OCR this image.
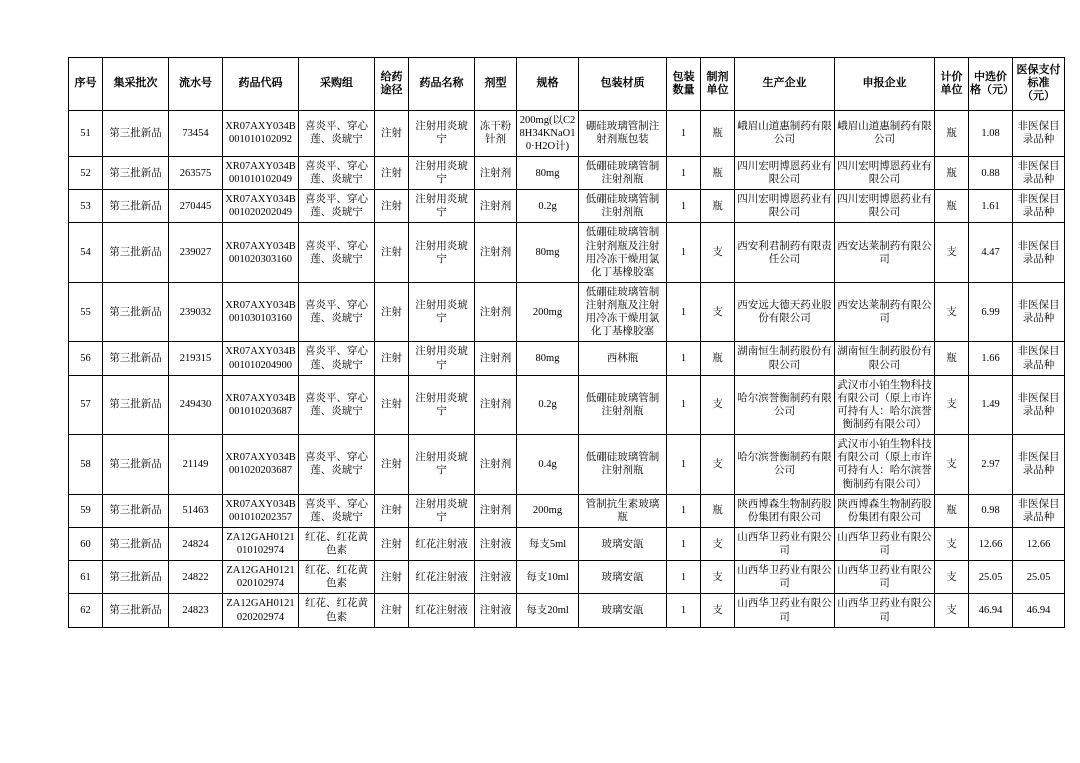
序号	集采批次	流水号	药品代码	采购组	给药途径	药品名称	剂型	规格	包装材质	包装数量	制剂单位	生产企业	申报企业	计价单位	中选价格（元）	医保支付标准（元）
51	第三批新品	73454	XR07AXY034B001010102092	喜炎平、穿心莲、炎琥宁	注射	注射用炎琥宁	冻干粉针剂	200mg(以C28H34KNaO10·H2O计)	硼硅玻璃管制注射剂瓶包装	1	瓶	峨眉山道惠制药有限公司	峨眉山道惠制药有限公司	瓶	1.08	非医保目录品种
52	第三批新品	263575	XR07AXY034B001010102049	喜炎平、穿心莲、炎琥宁	注射	注射用炎琥宁	注射剂	80mg	低硼硅玻璃管制注射剂瓶	1	瓶	四川宏明博恩药业有限公司	四川宏明博恩药业有限公司	瓶	0.88	非医保目录品种
53	第三批新品	270445	XR07AXY034B001020202049	喜炎平、穿心莲、炎琥宁	注射	注射用炎琥宁	注射剂	0.2g	低硼硅玻璃管制注射剂瓶	1	瓶	四川宏明博恩药业有限公司	四川宏明博恩药业有限公司	瓶	1.61	非医保目录品种
54	第三批新品	239027	XR07AXY034B001020303160	喜炎平、穿心莲、炎琥宁	注射	注射用炎琥宁	注射剂	80mg	低硼硅玻璃管制注射剂瓶及注射用冷冻干燥用氯化丁基橡胶塞	1	支	西安利君制药有限责任公司	西安达莱制药有限公司	支	4.47	非医保目录品种
55	第三批新品	239032	XR07AXY034B001030103160	喜炎平、穿心莲、炎琥宁	注射	注射用炎琥宁	注射剂	200mg	低硼硅玻璃管制注射剂瓶及注射用冷冻干燥用氯化丁基橡胶塞	1	支	西安远大德天药业股份有限公司	西安达莱制药有限公司	支	6.99	非医保目录品种
56	第三批新品	219315	XR07AXY034B001010204900	喜炎平、穿心莲、炎琥宁	注射	注射用炎琥宁	注射剂	80mg	西林瓶	1	瓶	湖南恒生制药股份有限公司	湖南恒生制药股份有限公司	瓶	1.66	非医保目录品种
57	第三批新品	249430	XR07AXY034B001010203687	喜炎平、穿心莲、炎琥宁	注射	注射用炎琥宁	注射剂	0.2g	低硼硅玻璃管制注射剂瓶	1	支	哈尔滨誉衡制药有限公司	武汉市小铂生物科技有限公司（原上市许可持有人：哈尔滨誉衡制药有限公司）	支	1.49	非医保目录品种
58	第三批新品	21149	XR07AXY034B001020203687	喜炎平、穿心莲、炎琥宁	注射	注射用炎琥宁	注射剂	0.4g	低硼硅玻璃管制注射剂瓶	1	支	哈尔滨誉衡制药有限公司	武汉市小铂生物科技有限公司（原上市许可持有人：哈尔滨誉衡制药有限公司）	支	2.97	非医保目录品种
59	第三批新品	51463	XR07AXY034B001010202357	喜炎平、穿心莲、炎琥宁	注射	注射用炎琥宁	注射剂	200mg	管制抗生素玻璃瓶	1	瓶	陕西博森生物制药股份集团有限公司	陕西博森生物制药股份集团有限公司	瓶	0.98	非医保目录品种
60	第三批新品	24824	ZA12GAH0121010102974	红花、红花黄色素	注射	红花注射液	注射液	每支5ml	玻璃安瓿	1	支	山西华卫药业有限公司	山西华卫药业有限公司	支	12.66	12.66
61	第三批新品	24822	ZA12GAH0121020102974	红花、红花黄色素	注射	红花注射液	注射液	每支10ml	玻璃安瓿	1	支	山西华卫药业有限公司	山西华卫药业有限公司	支	25.05	25.05
62	第三批新品	24823	ZA12GAH0121020202974	红花、红花黄色素	注射	红花注射液	注射液	每支20ml	玻璃安瓿	1	支	山西华卫药业有限公司	山西华卫药业有限公司	支	46.94	46.94
